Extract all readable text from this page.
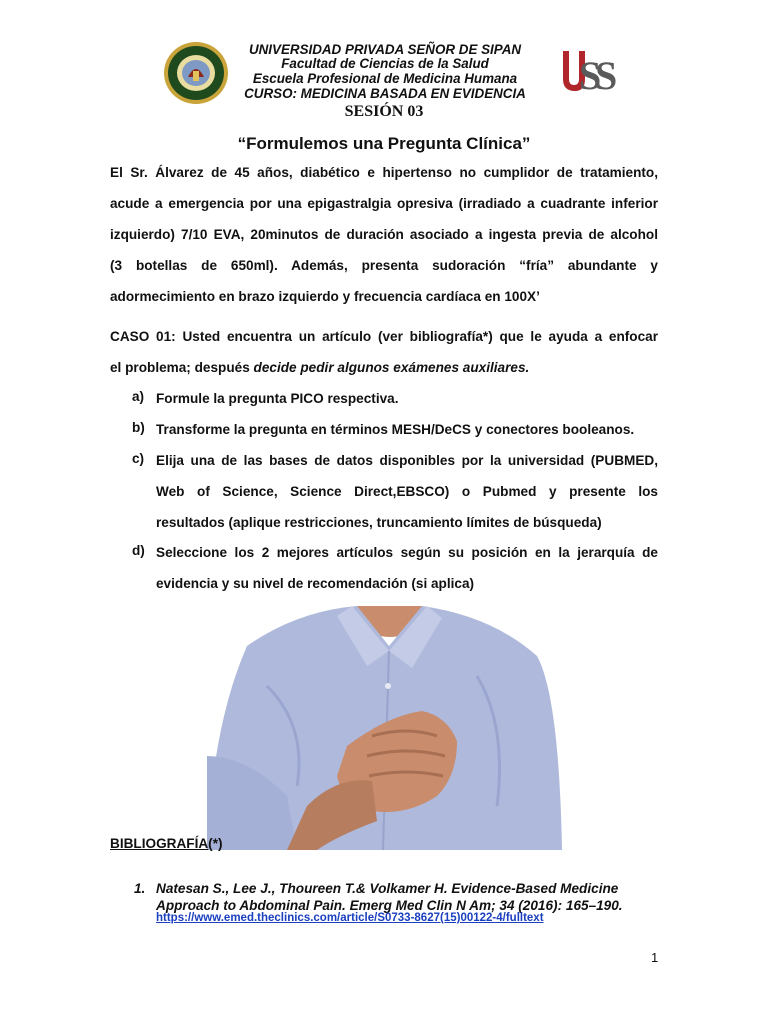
UNIVERSIDAD PRIVADA SEÑOR DE SIPAN
Facultad de Ciencias de la Salud
Escuela Profesional de Medicina Humana
CURSO: MEDICINA BASADA EN EVIDENCIA	S
S
SESIÓN 03
“Formulemos una Pregunta Clínica”
El Sr. Álvarez de 45 años, diabético e hipertenso no cumplidor de tratamiento,
acude a emergencia por una epigastralgia opresiva (irradiado a cuadrante inferior
izquierdo) 7/10 EVA, 20minutos de duración asociado a ingesta previa de alcohol
(3 botellas de 650ml). Además, presenta sudoración “fría” abundante y
adormecimiento en brazo izquierdo y frecuencia cardíaca en 100X’
CASO 01: Usted encuentra un artículo (ver bibliografía*) que le ayuda a enfocar
el problema; después decide pedir algunos exámenes auxiliares.
a) Formule la pregunta PICO respectiva.
b) Transforme la pregunta en términos MESH/DeCS y conectores booleanos.
c) Elija una de las bases de datos disponibles por la universidad (PUBMED,
Web of Science, Science Direct,EBSCO) o Pubmed y presente los
resultados (aplique restricciones, truncamiento límites de búsqueda)
d) Seleccione los 2 mejores artículos según su posición en la jerarquía de
evidencia y su nivel de recomendación (si aplica)
BIBLIOGRAFÍA(*)
1. Natesan S., Lee J., Thoureen T.& Volkamer H. Evidence-Based Medicine
Approach to Abdominal Pain. Emerg Med Clin N Am; 34 (2016): 165–190.
https://www.emed.theclinics.com/article/S0733-8627(15)00122-4/fulltext
1
